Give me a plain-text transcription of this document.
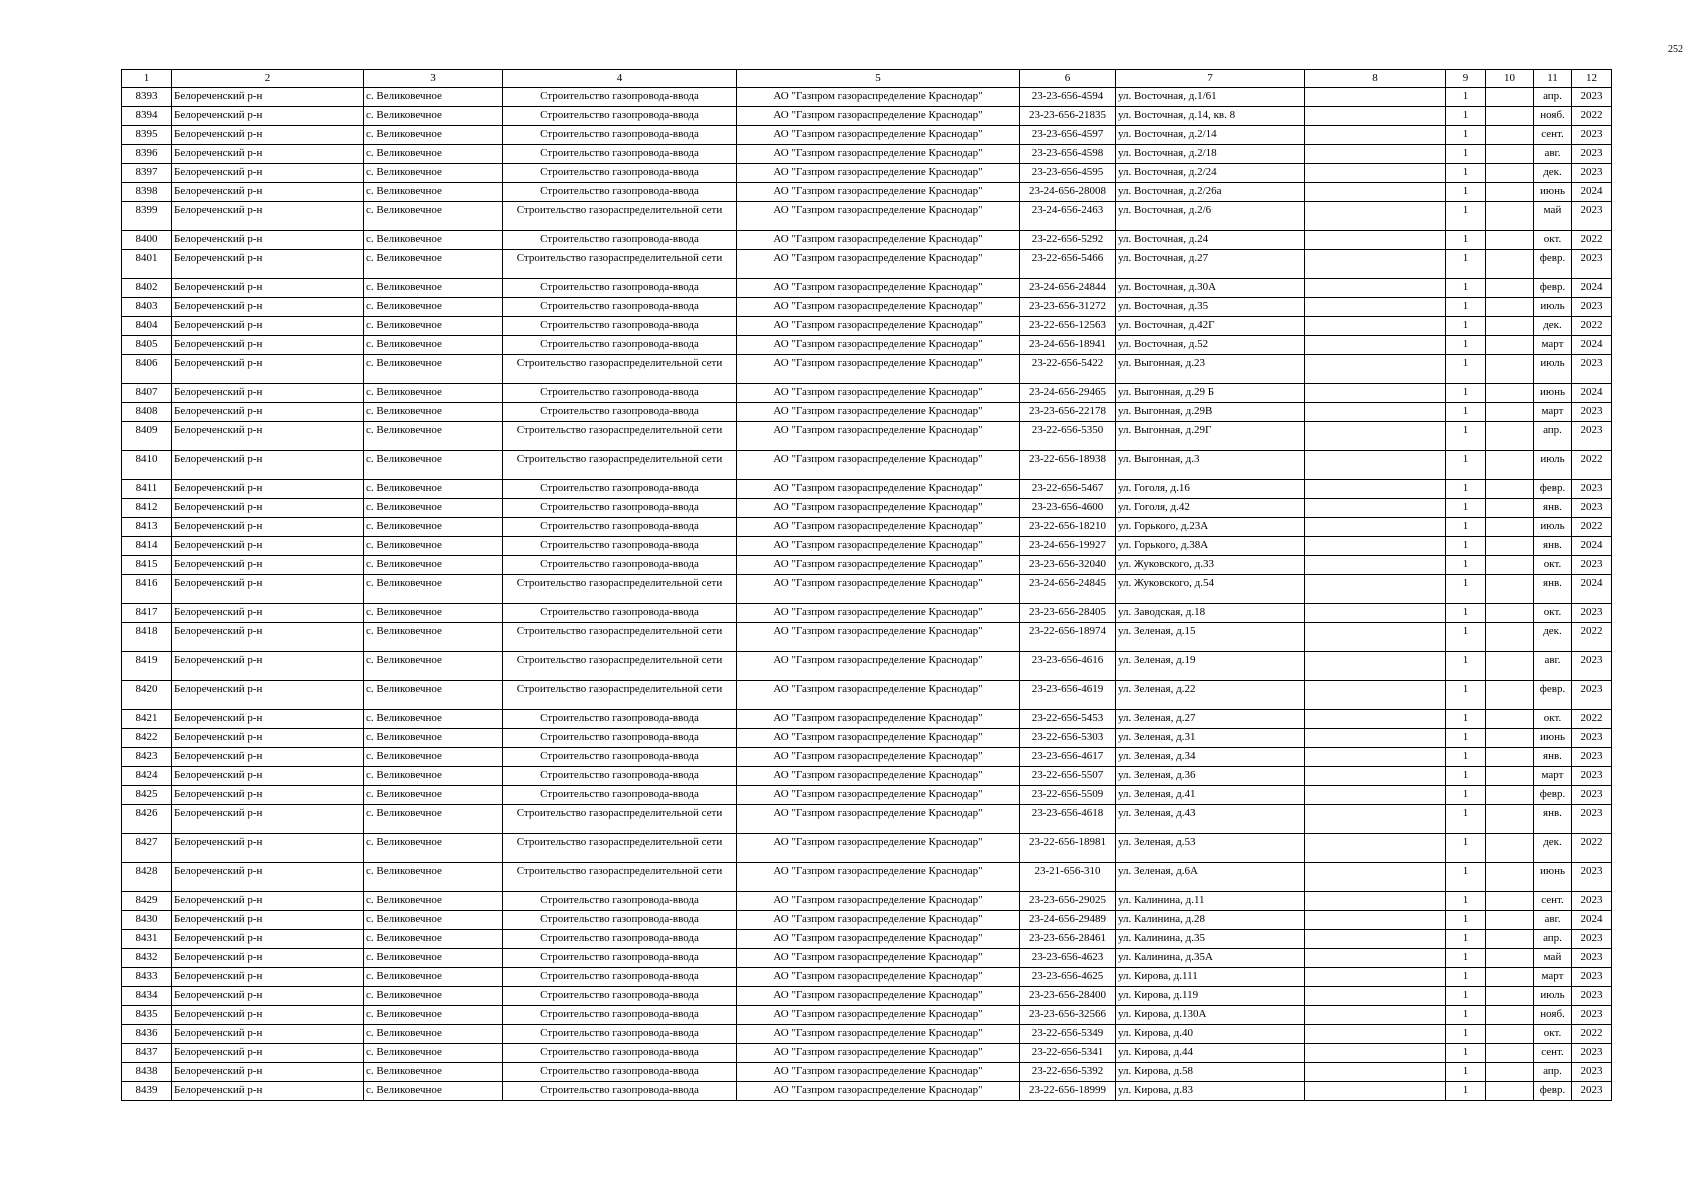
252
1	2	3	4	5	6	7	8	9	10	11	12
8393	Белореченский р-н	с. Великовечное	Строительство газопровода-ввода	АО "Газпром газораспределение Краснодар"	23-23-656-4594	ул. Восточная, д.1/61		1		апр.	2023
8394	Белореченский р-н	с. Великовечное	Строительство газопровода-ввода	АО "Газпром газораспределение Краснодар"	23-23-656-21835	ул. Восточная, д.14, кв. 8		1		нояб.	2022
8395	Белореченский р-н	с. Великовечное	Строительство газопровода-ввода	АО "Газпром газораспределение Краснодар"	23-23-656-4597	ул. Восточная, д.2/14		1		сент.	2023
8396	Белореченский р-н	с. Великовечное	Строительство газопровода-ввода	АО "Газпром газораспределение Краснодар"	23-23-656-4598	ул. Восточная, д.2/18		1		авг.	2023
8397	Белореченский р-н	с. Великовечное	Строительство газопровода-ввода	АО "Газпром газораспределение Краснодар"	23-23-656-4595	ул. Восточная, д.2/24		1		дек.	2023
8398	Белореченский р-н	с. Великовечное	Строительство газопровода-ввода	АО "Газпром газораспределение Краснодар"	23-24-656-28008	ул. Восточная, д.2/26а		1		июнь	2024
8399	Белореченский р-н	с. Великовечное	Строительство газораспределительной сети	АО "Газпром газораспределение Краснодар"	23-24-656-2463	ул. Восточная, д.2/6		1		май	2023
8400	Белореченский р-н	с. Великовечное	Строительство газопровода-ввода	АО "Газпром газораспределение Краснодар"	23-22-656-5292	ул. Восточная, д.24		1		окт.	2022
8401	Белореченский р-н	с. Великовечное	Строительство газораспределительной сети	АО "Газпром газораспределение Краснодар"	23-22-656-5466	ул. Восточная, д.27		1		февр.	2023
8402	Белореченский р-н	с. Великовечное	Строительство газопровода-ввода	АО "Газпром газораспределение Краснодар"	23-24-656-24844	ул. Восточная, д.30А		1		февр.	2024
8403	Белореченский р-н	с. Великовечное	Строительство газопровода-ввода	АО "Газпром газораспределение Краснодар"	23-23-656-31272	ул. Восточная, д.35		1		июль	2023
8404	Белореченский р-н	с. Великовечное	Строительство газопровода-ввода	АО "Газпром газораспределение Краснодар"	23-22-656-12563	ул. Восточная, д.42Г		1		дек.	2022
8405	Белореченский р-н	с. Великовечное	Строительство газопровода-ввода	АО "Газпром газораспределение Краснодар"	23-24-656-18941	ул. Восточная, д.52		1		март	2024
8406	Белореченский р-н	с. Великовечное	Строительство газораспределительной сети	АО "Газпром газораспределение Краснодар"	23-22-656-5422	ул. Выгонная, д.23		1		июль	2023
8407	Белореченский р-н	с. Великовечное	Строительство газопровода-ввода	АО "Газпром газораспределение Краснодар"	23-24-656-29465	ул. Выгонная, д.29 Б		1		июнь	2024
8408	Белореченский р-н	с. Великовечное	Строительство газопровода-ввода	АО "Газпром газораспределение Краснодар"	23-23-656-22178	ул. Выгонная, д.29В		1		март	2023
8409	Белореченский р-н	с. Великовечное	Строительство газораспределительной сети	АО "Газпром газораспределение Краснодар"	23-22-656-5350	ул. Выгонная, д.29Г		1		апр.	2023
8410	Белореченский р-н	с. Великовечное	Строительство газораспределительной сети	АО "Газпром газораспределение Краснодар"	23-22-656-18938	ул. Выгонная, д.3		1		июль	2022
8411	Белореченский р-н	с. Великовечное	Строительство газопровода-ввода	АО "Газпром газораспределение Краснодар"	23-22-656-5467	ул. Гоголя, д.16		1		февр.	2023
8412	Белореченский р-н	с. Великовечное	Строительство газопровода-ввода	АО "Газпром газораспределение Краснодар"	23-23-656-4600	ул. Гоголя, д.42		1		янв.	2023
8413	Белореченский р-н	с. Великовечное	Строительство газопровода-ввода	АО "Газпром газораспределение Краснодар"	23-22-656-18210	ул. Горького, д.23А		1		июль	2022
8414	Белореченский р-н	с. Великовечное	Строительство газопровода-ввода	АО "Газпром газораспределение Краснодар"	23-24-656-19927	ул. Горького, д.38А		1		янв.	2024
8415	Белореченский р-н	с. Великовечное	Строительство газопровода-ввода	АО "Газпром газораспределение Краснодар"	23-23-656-32040	ул. Жуковского, д.33		1		окт.	2023
8416	Белореченский р-н	с. Великовечное	Строительство газораспределительной сети	АО "Газпром газораспределение Краснодар"	23-24-656-24845	ул. Жуковского, д.54		1		янв.	2024
8417	Белореченский р-н	с. Великовечное	Строительство газопровода-ввода	АО "Газпром газораспределение Краснодар"	23-23-656-28405	ул. Заводская, д.18		1		окт.	2023
8418	Белореченский р-н	с. Великовечное	Строительство газораспределительной сети	АО "Газпром газораспределение Краснодар"	23-22-656-18974	ул. Зеленая, д.15		1		дек.	2022
8419	Белореченский р-н	с. Великовечное	Строительство газораспределительной сети	АО "Газпром газораспределение Краснодар"	23-23-656-4616	ул. Зеленая, д.19		1		авг.	2023
8420	Белореченский р-н	с. Великовечное	Строительство газораспределительной сети	АО "Газпром газораспределение Краснодар"	23-23-656-4619	ул. Зеленая, д.22		1		февр.	2023
8421	Белореченский р-н	с. Великовечное	Строительство газопровода-ввода	АО "Газпром газораспределение Краснодар"	23-22-656-5453	ул. Зеленая, д.27		1		окт.	2022
8422	Белореченский р-н	с. Великовечное	Строительство газопровода-ввода	АО "Газпром газораспределение Краснодар"	23-22-656-5303	ул. Зеленая, д.31		1		июнь	2023
8423	Белореченский р-н	с. Великовечное	Строительство газопровода-ввода	АО "Газпром газораспределение Краснодар"	23-23-656-4617	ул. Зеленая, д.34		1		янв.	2023
8424	Белореченский р-н	с. Великовечное	Строительство газопровода-ввода	АО "Газпром газораспределение Краснодар"	23-22-656-5507	ул. Зеленая, д.36		1		март	2023
8425	Белореченский р-н	с. Великовечное	Строительство газопровода-ввода	АО "Газпром газораспределение Краснодар"	23-22-656-5509	ул. Зеленая, д.41		1		февр.	2023
8426	Белореченский р-н	с. Великовечное	Строительство газораспределительной сети	АО "Газпром газораспределение Краснодар"	23-23-656-4618	ул. Зеленая, д.43		1		янв.	2023
8427	Белореченский р-н	с. Великовечное	Строительство газораспределительной сети	АО "Газпром газораспределение Краснодар"	23-22-656-18981	ул. Зеленая, д.53		1		дек.	2022
8428	Белореченский р-н	с. Великовечное	Строительство газораспределительной сети	АО "Газпром газораспределение Краснодар"	23-21-656-310	ул. Зеленая, д.6А		1		июнь	2023
8429	Белореченский р-н	с. Великовечное	Строительство газопровода-ввода	АО "Газпром газораспределение Краснодар"	23-23-656-29025	ул. Калинина, д.11		1		сент.	2023
8430	Белореченский р-н	с. Великовечное	Строительство газопровода-ввода	АО "Газпром газораспределение Краснодар"	23-24-656-29489	ул. Калинина, д.28		1		авг.	2024
8431	Белореченский р-н	с. Великовечное	Строительство газопровода-ввода	АО "Газпром газораспределение Краснодар"	23-23-656-28461	ул. Калинина, д.35		1		апр.	2023
8432	Белореченский р-н	с. Великовечное	Строительство газопровода-ввода	АО "Газпром газораспределение Краснодар"	23-23-656-4623	ул. Калинина, д.35А		1		май	2023
8433	Белореченский р-н	с. Великовечное	Строительство газопровода-ввода	АО "Газпром газораспределение Краснодар"	23-23-656-4625	ул. Кирова, д.111		1		март	2023
8434	Белореченский р-н	с. Великовечное	Строительство газопровода-ввода	АО "Газпром газораспределение Краснодар"	23-23-656-28400	ул. Кирова, д.119		1		июль	2023
8435	Белореченский р-н	с. Великовечное	Строительство газопровода-ввода	АО "Газпром газораспределение Краснодар"	23-23-656-32566	ул. Кирова, д.130А		1		нояб.	2023
8436	Белореченский р-н	с. Великовечное	Строительство газопровода-ввода	АО "Газпром газораспределение Краснодар"	23-22-656-5349	ул. Кирова, д.40		1		окт.	2022
8437	Белореченский р-н	с. Великовечное	Строительство газопровода-ввода	АО "Газпром газораспределение Краснодар"	23-22-656-5341	ул. Кирова, д.44		1		сент.	2023
8438	Белореченский р-н	с. Великовечное	Строительство газопровода-ввода	АО "Газпром газораспределение Краснодар"	23-22-656-5392	ул. Кирова, д.58		1		апр.	2023
8439	Белореченский р-н	с. Великовечное	Строительство газопровода-ввода	АО "Газпром газораспределение Краснодар"	23-22-656-18999	ул. Кирова, д.83		1		февр.	2023
